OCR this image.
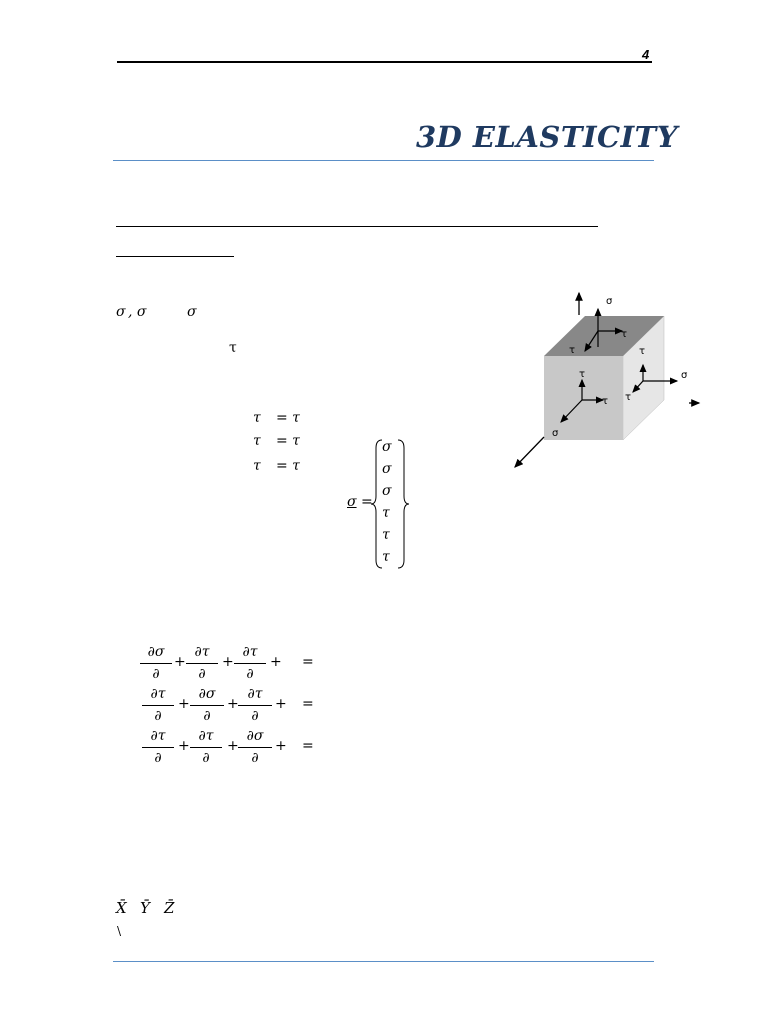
4
3D ELASTICITY
σ , σ	σ
τ
τ = τ
τ = τ
τ = τ
σ =
σ
σ
σ
τ
τ
τ
∂σ
∂
+
∂τ
∂
+
∂τ
∂
+ =
∂τ
∂
+
∂σ
∂
+
∂τ
∂
+ =
∂τ
∂
+
∂τ
∂
+
∂σ
∂
+ =
X̄ Ȳ Z̄
\
σ
τ
τ	τ
σ
τ
τ
τ
σ
